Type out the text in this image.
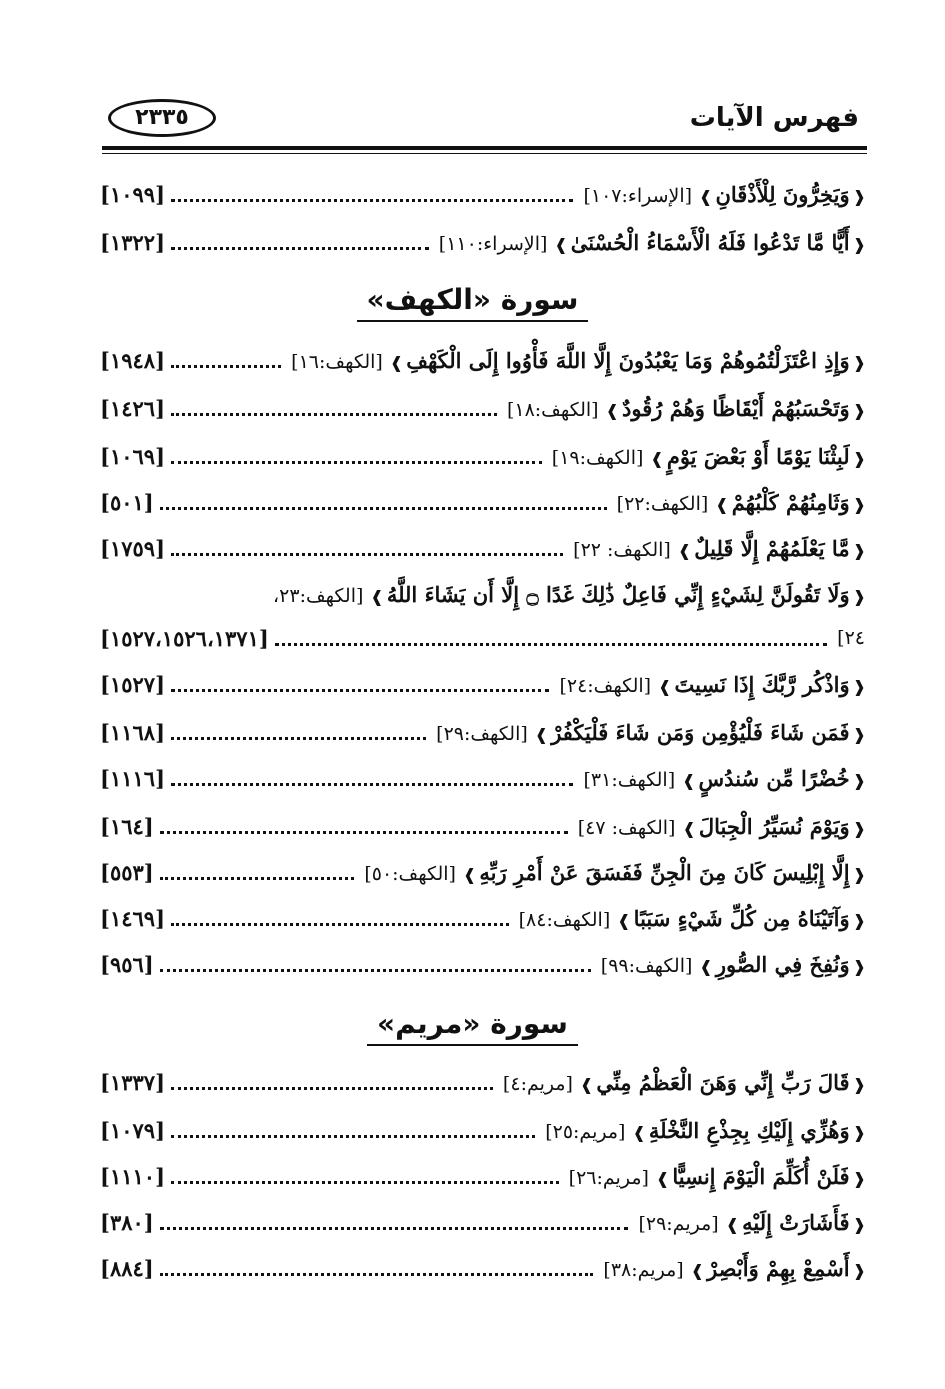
فهرس الآيات
٢٣٣٥
❰وَيَخِرُّونَ لِلْأَذْقَانِ❱[الإسراء:١٠٧]
[١٠٩٩]
❰أَيًّا مَّا تَدْعُوا فَلَهُ الْأَسْمَاءُ الْحُسْنَىٰ❱[الإسراء:١١٠]
[١٣٢٢]
سورة «الكهف»
❰وَإِذِ اعْتَزَلْتُمُوهُمْ وَمَا يَعْبُدُونَ إِلَّا اللَّهَ فَأْوُوا إِلَى الْكَهْفِ❱[الكهف:١٦]
[١٩٤٨]
❰وَتَحْسَبُهُمْ أَيْقَاظًا وَهُمْ رُقُودٌ❱[الكهف:١٨]
[١٤٢٦]
❰لَبِثْنَا يَوْمًا أَوْ بَعْضَ يَوْمٍ❱[الكهف:١٩]
[١٠٦٩]
❰وَثَامِنُهُمْ كَلْبُهُمْ❱[الكهف:٢٢]
[٥٠١]
❰مَّا يَعْلَمُهُمْ إِلَّا قَلِيلٌ❱[الكهف: ٢٢]
[١٧٥٩]
❰وَلَا تَقُولَنَّ لِشَيْءٍ إِنِّي فَاعِلٌ ذَٰلِكَ غَدًا ۝ إِلَّا أَن يَشَاءَ اللَّهُ❱[الكهف:٢٣،
٢٤]
[١٥٢٧،١٥٢٦،١٣٧١]
❰وَاذْكُر رَّبَّكَ إِذَا نَسِيتَ❱[الكهف:٢٤]
[١٥٢٧]
❰فَمَن شَاءَ فَلْيُؤْمِن وَمَن شَاءَ فَلْيَكْفُرْ❱[الكهف:٢٩]
[١١٦٨]
❰خُضْرًا مِّن سُندُسٍ❱[الكهف:٣١]
[١١١٦]
❰وَيَوْمَ نُسَيِّرُ الْجِبَالَ❱[الكهف: ٤٧]
[١٦٤]
❰إِلَّا إِبْلِيسَ كَانَ مِنَ الْجِنِّ فَفَسَقَ عَنْ أَمْرِ رَبِّهِ❱[الكهف:٥٠]
[٥٥٣]
❰وَآتَيْنَاهُ مِن كُلِّ شَيْءٍ سَبَبًا❱[الكهف:٨٤]
[١٤٦٩]
❰وَنُفِخَ فِي الصُّورِ❱[الكهف:٩٩]
[٩٥٦]
سورة «مريم»
❰قَالَ رَبِّ إِنِّي وَهَنَ الْعَظْمُ مِنِّي❱[مريم:٤]
[١٣٣٧]
❰وَهُزِّي إِلَيْكِ بِجِذْعِ النَّخْلَةِ❱[مريم:٢٥]
[١٠٧٩]
❰فَلَنْ أُكَلِّمَ الْيَوْمَ إِنسِيًّا❱[مريم:٢٦]
[١١١٠]
❰فَأَشَارَتْ إِلَيْهِ❱[مريم:٢٩]
[٣٨٠]
❰أَسْمِعْ بِهِمْ وَأَبْصِرْ❱[مريم:٣٨]
[٨٨٤]
